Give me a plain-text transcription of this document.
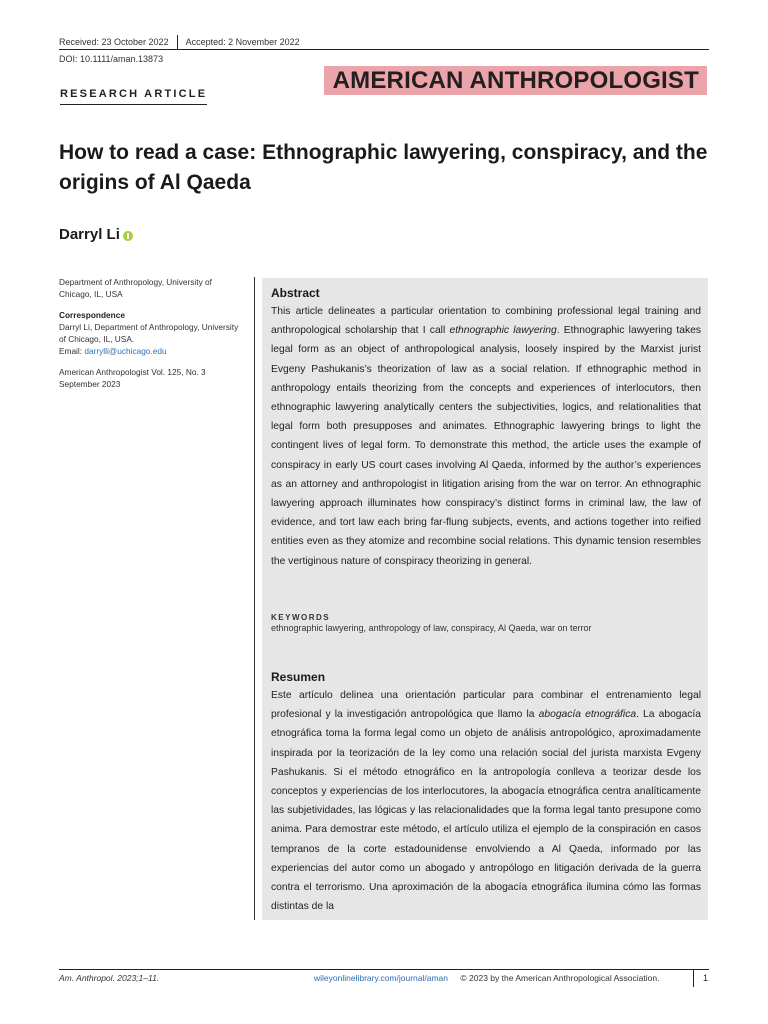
Received: 23 October 2022 Accepted: 2 November 2022
DOI: 10.1111/aman.13873
AMERICAN ANTHROPOLOGIST
RESEARCH ARTICLE
How to read a case: Ethnographic lawyering, conspiracy, and the origins of Al Qaeda
Darryl Li

Department of Anthropology, University of Chicago, IL, USA

Correspondence
Darryl Li, Department of Anthropology, University of Chicago, IL, USA.
Email: darrylli@uchicago.edu

American Anthropologist Vol. 125, No. 3
September 2023

Abstract
This article delineates a particular orientation to combining professional legal training and anthropological scholarship that I call ethnographic lawyering. Ethnographic lawyering takes legal form as an object of anthropological analysis, loosely inspired by the Marxist jurist Evgeny Pashukanis’s theorization of law as a social relation. If ethnographic method in anthropology entails theorizing from the concepts and experiences of interlocutors, then ethnographic lawyering analytically centers the subjectivities, logics, and relationalities that legal form both presupposes and animates. Ethnographic lawyering brings to light the contingent lives of legal form. To demonstrate this method, the article uses the example of conspiracy in early US court cases involving Al Qaeda, informed by the author’s experiences as an attorney and anthropologist in litigation arising from the war on terror. An ethnographic lawyering approach illuminates how conspiracy’s distinct forms in criminal law, the law of evidence, and tort law each bring far-flung subjects, events, and actions together into reified entities even as they atomize and recombine social relations. This dynamic tension resembles the vertiginous nature of conspiracy theorizing in general.
KEYWORDS
ethnographic lawyering, anthropology of law, conspiracy, Al Qaeda, war on terror
Resumen
Este artículo delinea una orientación particular para combinar el entrenamiento legal profesional y la investigación antropológica que llamo la abogacía etnográfica. La abogacía etnográfica toma la forma legal como un objeto de análisis antropológico, aproximadamente inspirada por la teorización de la ley como una relación social del jurista marxista Evgeny Pashukanis. Si el método etnográfico en la antropología conlleva a teorizar desde los conceptos y experiencias de los interlocutores, la abogacía etnográfica centra analíticamente las subjetividades, las lógicas y las relacionalidades que la forma legal tanto presupone como anima. Para demostrar este método, el artículo utiliza el ejemplo de la conspiración en casos tempranos de la corte estadounidense envolviendo a Al Qaeda, informado por las experiencias del autor como un abogado y antropólogo en litigación derivada de la guerra contra el terrorismo. Una aproximación de la abogacía etnográfica ilumina cómo las formas distintas de la
Am. Anthropol. 2023;1–11.	wileyonlinelibrary.com/journal/aman © 2023 by the American Anthropological Association.	1
